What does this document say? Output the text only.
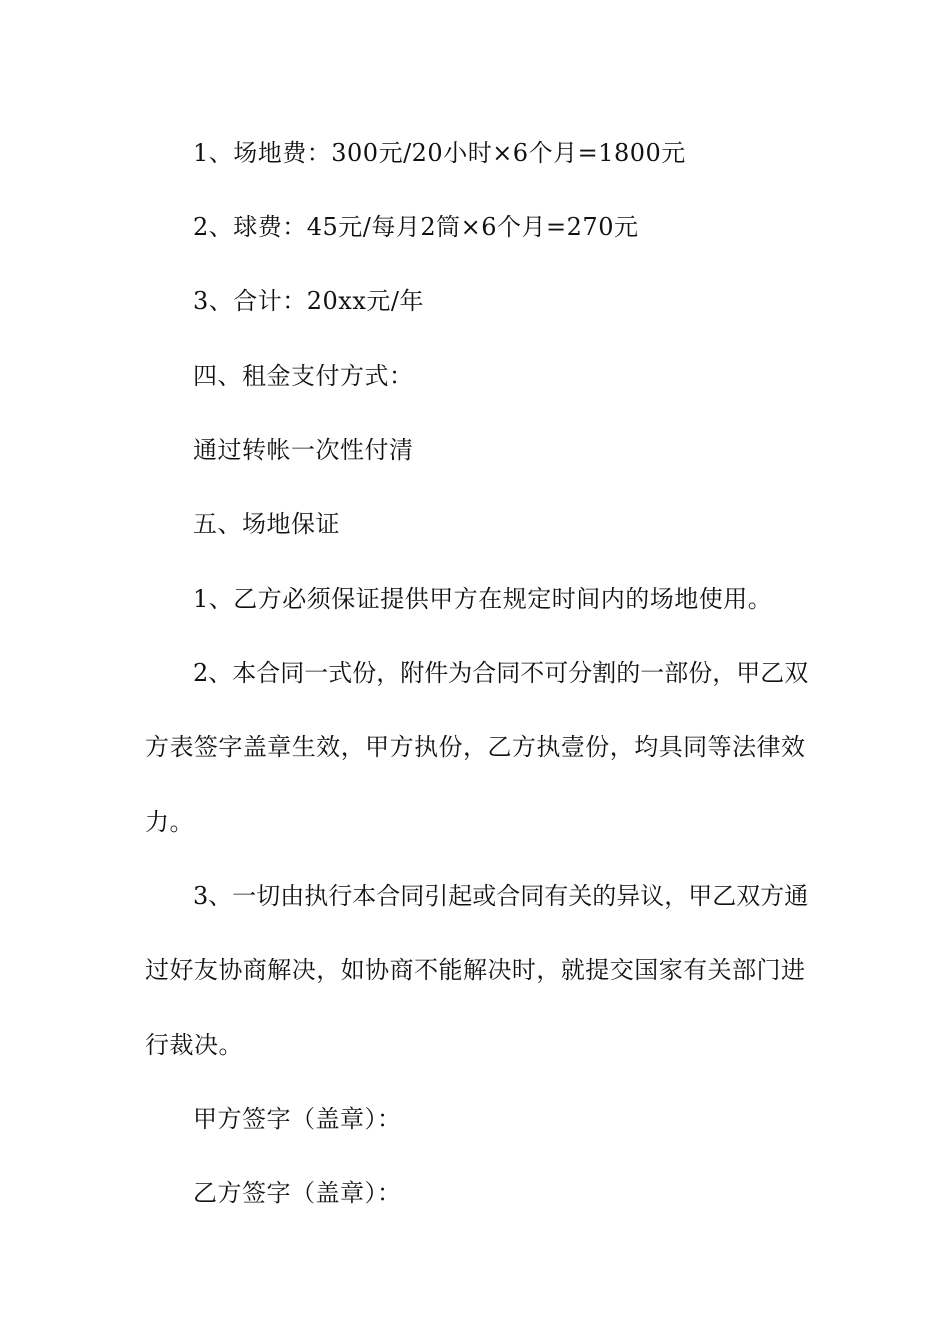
1、场地费：300元/20小时×6个月=1800元
2、球费：45元/每月2筒×6个月=270元
3、合计：20xx元/年
四、租金支付方式：
通过转帐一次性付清
五、场地保证
1、乙方必须保证提供甲方在规定时间内的场地使用。
2、本合同一式份，附件为合同不可分割的一部份，甲乙双
方表签字盖章生效，甲方执份，乙方执壹份，均具同等法律效
力。
3、一切由执行本合同引起或合同有关的异议，甲乙双方通
过好友协商解决，如协商不能解决时，就提交国家有关部门进
行裁决。
甲方签字（盖章）：
乙方签字（盖章）：
